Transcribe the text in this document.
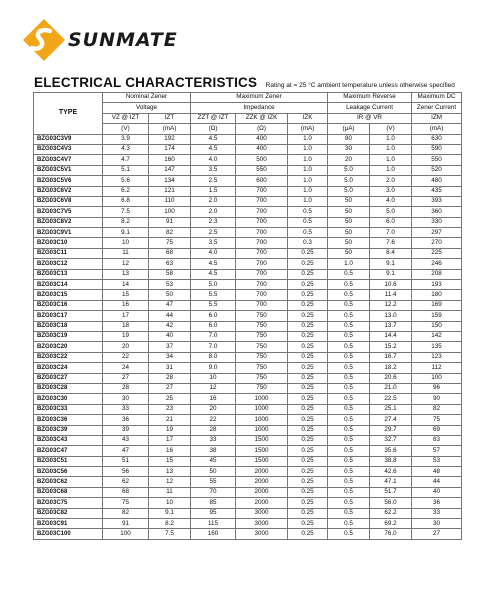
SUNMATE
ELECTRICAL CHARACTERISTICS Rating at = 25 °C ambient temperature unless otherwise specified
TYPE	Nominal Zener		Maximum Zener			Maximum Reverse		Maximum DC
	Voltage		Impedance			Leakage Current		Zener Current
	VZ @ IZT	IZT	ZZT @ IZT	ZZK @ IZK	IZK	IR @ VR		IZM
	(V)	(mA)	(Ω)	(Ω)	(mA)	(μA)	(V)	(mA)
BZG03C3V9	3.9	192	4.5	400	1.0	80	1.0	630
BZG03C4V3	4.3	174	4.5	400	1.0	30	1.0	590
BZG03C4V7	4.7	160	4.0	500	1.0	20	1.0	550
BZG03C5V1	5.1	147	3.5	550	1.0	5.0	1.0	520
BZG03C5V6	5.6	134	2.5	600	1.0	5.0	2.0	480
BZG03C6V2	6.2	121	1.5	700	1.0	5.0	3.0	435
BZG03C6V8	6.8	110	2.0	700	1.0	50	4.0	393
BZG03C7V5	7.5	100	2.0	700	0.5	50	5.0	360
BZG03C8V2	8.2	91	2.3	700	0.5	50	6.0	330
BZG03C9V1	9.1	82	2.5	700	0.5	50	7.0	297
BZG03C10	10	75	3.5	700	0.3	50	7.6	270
BZG03C11	11	68	4.0	700	0.25	50	8.4	225
BZG03C12	12	63	4.5	700	0.25	1.0	9.1	246
BZG03C13	13	58	4.5	700	0.25	0.5	9.1	208
BZG03C14	14	53	5.0	700	0.25	0.5	10.6	193
BZG03C15	15	50	5.5	700	0.25	0.5	11.4	180
BZG03C16	16	47	5.5	700	0.25	0.5	12.2	169
BZG03C17	17	44	6.0	750	0.25	0.5	13.0	159
BZG03C18	18	42	6.0	750	0.25	0.5	13.7	150
BZG03C19	19	40	7.0	750	0.25	0.5	14.4	142
BZG03C20	20	37	7.0	750	0.25	0.5	15.2	135
BZG03C22	22	34	8.0	750	0.25	0.5	16.7	123
BZG03C24	24	31	9.0	750	0.25	0.5	18.2	112
BZG03C27	27	28	10	750	0.25	0.5	20.6	100
BZG03C28	28	27	12	750	0.25	0.5	21.0	96
BZG03C30	30	25	16	1000	0.25	0.5	22.5	90
BZG03C33	33	23	20	1000	0.25	0.5	25.1	82
BZG03C36	36	21	22	1000	0.25	0.5	27.4	75
BZG03C39	39	19	28	1000	0.25	0.5	29.7	69
BZG03C43	43	17	33	1500	0.25	0.5	32.7	63
BZG03C47	47	16	38	1500	0.25	0.5	35.6	57
BZG03C51	51	15	45	1500	0.25	0.5	38.8	53
BZG03C56	56	13	50	2000	0.25	0.5	42.6	48
BZG03C62	62	12	55	2000	0.25	0.5	47.1	44
BZG03C68	68	11	70	2000	0.25	0.5	51.7	40
BZG03C75	75	10	85	2000	0.25	0.5	56.0	36
BZG03C82	82	9.1	95	3000	0.25	0.5	62.2	33
BZG03C91	91	8.2	115	3000	0.25	0.5	69.2	30
BZG03C100	100	7.5	160	3000	0.25	0.5	76.0	27
